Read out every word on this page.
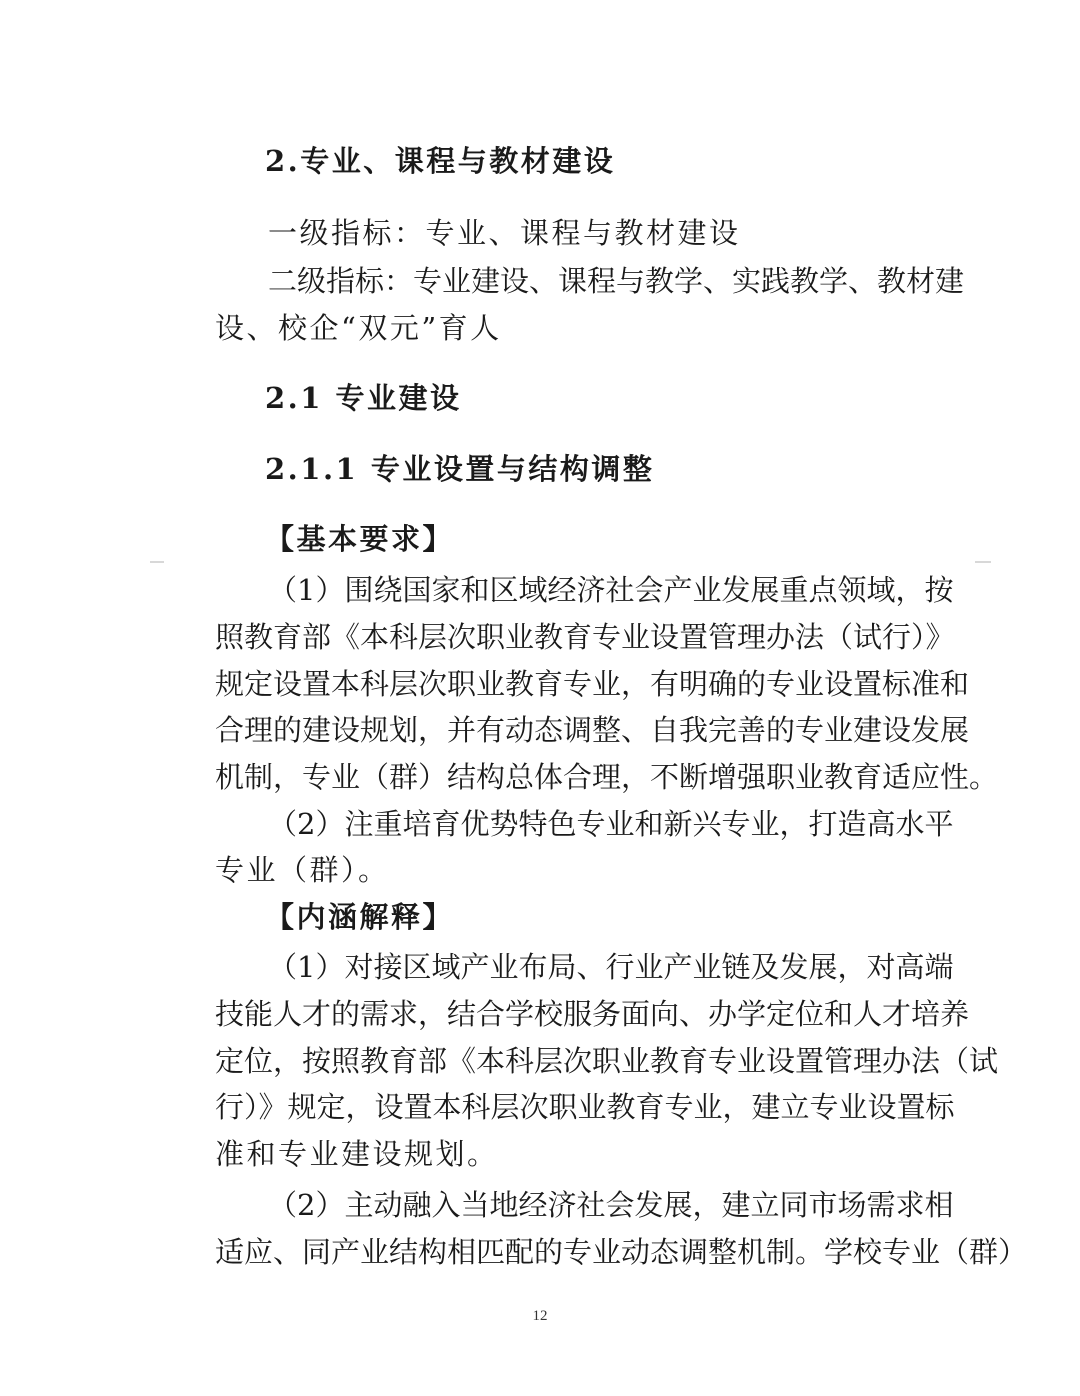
2.专业、课程与教材建设
一级指标：专业、课程与教材建设
二级指标：专业建设、课程与教学、实践教学、教材建
设、校企“双元”育人
2.1 专业建设
2.1.1 专业设置与结构调整
【基本要求】
（1）围绕国家和区域经济社会产业发展重点领域，按
照教育部《本科层次职业教育专业设置管理办法（试行）》
规定设置本科层次职业教育专业，有明确的专业设置标准和
合理的建设规划，并有动态调整、自我完善的专业建设发展
机制，专业（群）结构总体合理，不断增强职业教育适应性。
（2）注重培育优势特色专业和新兴专业，打造高水平
专业（群）。
【内涵解释】
（1）对接区域产业布局、行业产业链及发展，对高端
技能人才的需求，结合学校服务面向、办学定位和人才培养
定位，按照教育部《本科层次职业教育专业设置管理办法（试
行）》规定，设置本科层次职业教育专业，建立专业设置标
准和专业建设规划。
（2）主动融入当地经济社会发展，建立同市场需求相
适应、同产业结构相匹配的专业动态调整机制。学校专业（群）
12
